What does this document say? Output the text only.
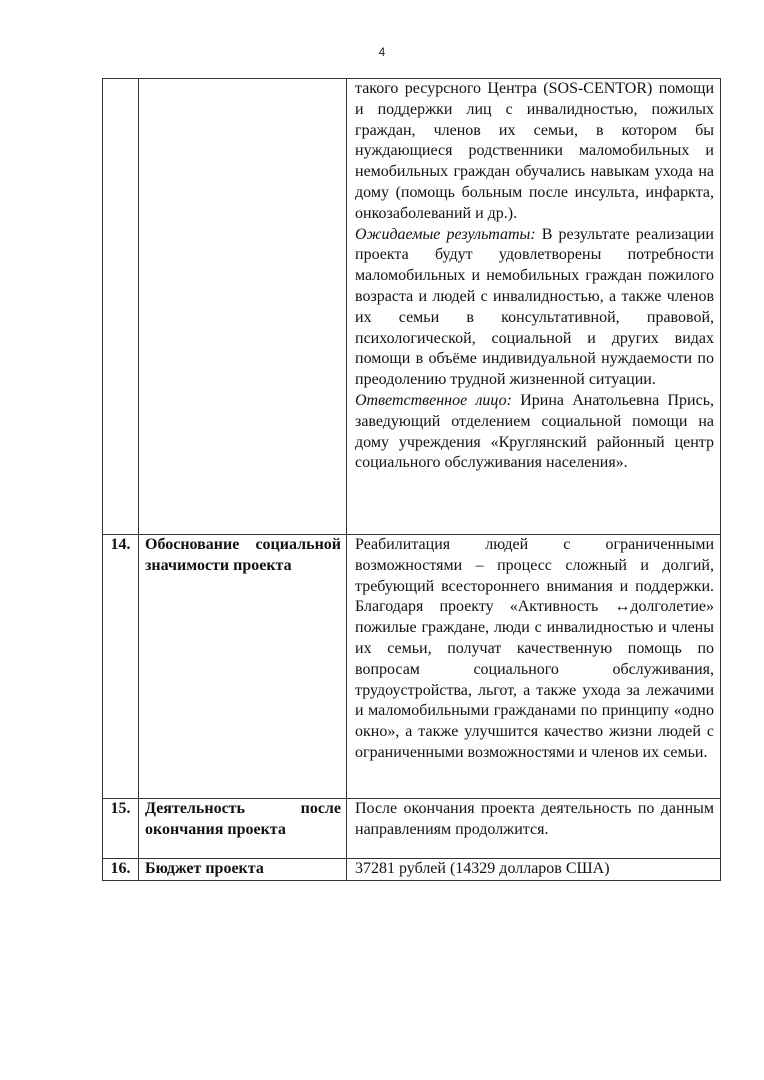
4

		такого ресурсного Центра (SOS-CENTOR) помощи и поддержки лиц с инвалидностью, пожилых граждан, членов их семьи, в котором бы нуждающиеся родственники маломобильных и немобильных граждан обучались навыкам ухода на дому (помощь больным после инсульта, инфаркта, онкозаболеваний и др.).

Ожидаемые результаты: В результате реализации проекта будут удовлетворены потребности маломобильных и немобильных граждан пожилого возраста и людей с инвалидностью, а также членов их семьи в консультативной, правовой, психологической, социальной и других видах помощи в объёме индивидуальной нуждаемости по преодолению трудной жизненной ситуации.

Ответственное лицо: Ирина Анатольевна Прись, заведующий отделением социальной помощи на дому учреждения «Круглянский районный центр социального обслуживания населения».

14.	Обоснование социальной значимости проекта	Реабилитация людей с ограниченными возможностями – процесс сложный и долгий, требующий всестороннего внимания и поддержки. Благодаря проекту «Активность ↔долголетие» пожилые граждане, люди с инвалидностью и члены их семьи, получат качественную помощь по вопросам социального обслуживания, трудоустройства, льгот, а также ухода за лежачими и маломобильными гражданами по принципу «одно окно», а также улучшится качество жизни людей с ограниченными возможностями и членов их семьи.

15.	Деятельность после окончания проекта	После окончания проекта деятельность по данным направлениям продолжится.

16.	Бюджет проекта	37281 рублей (14329 долларов США)
